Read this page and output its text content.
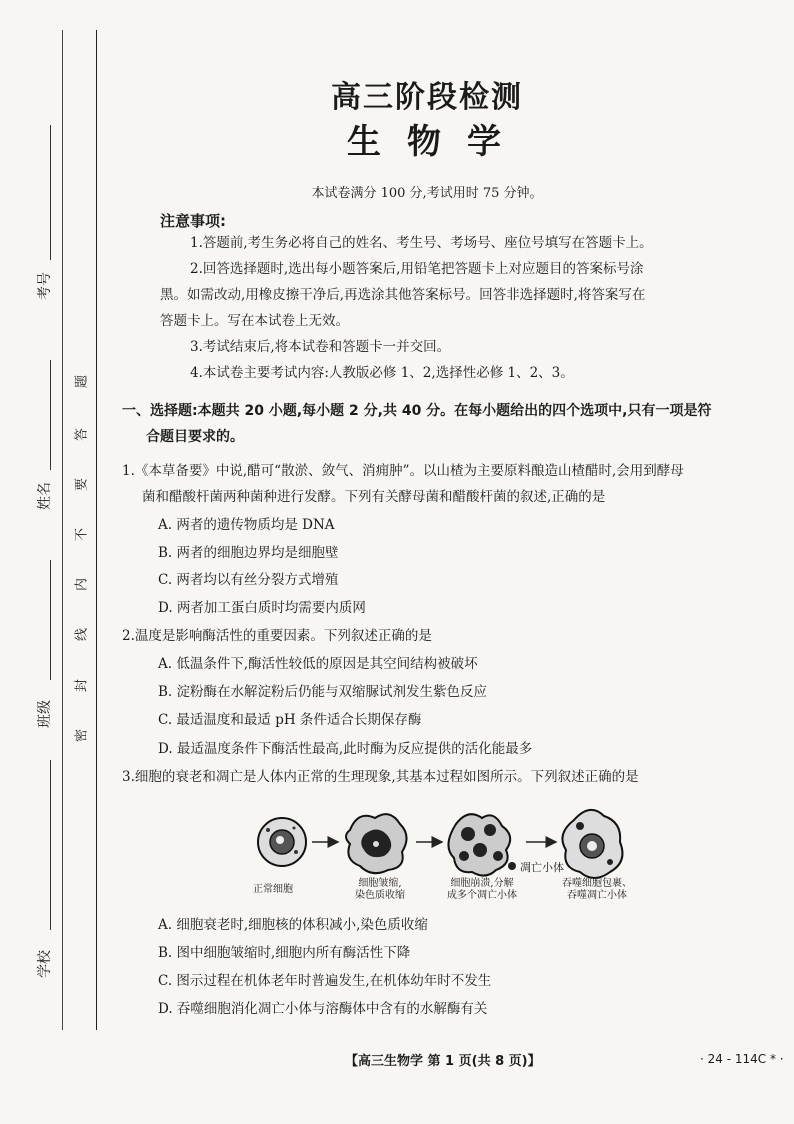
考号
姓名
班级
学校
题
答
要
不
内
线
封
密
高三阶段检测
生物学
本试卷满分 100 分,考试用时 75 分钟。
注意事项:
1.答题前,考生务必将自己的姓名、考生号、考场号、座位号填写在答题卡上。
2.回答选择题时,选出每小题答案后,用铅笔把答题卡上对应题目的答案标号涂
黑。如需改动,用橡皮擦干净后,再选涂其他答案标号。回答非选择题时,将答案写在
答题卡上。写在本试卷上无效。
3.考试结束后,将本试卷和答题卡一并交回。
4.本试卷主要考试内容:人教版必修 1、2,选择性必修 1、2、3。
一、选择题:本题共 20 小题,每小题 2 分,共 40 分。在每小题给出的四个选项中,只有一项是符
合题目要求的。
1.《本草备要》中说,醋可“散淤、敛气、消痈肿”。以山楂为主要原料酿造山楂醋时,会用到酵母
菌和醋酸杆菌两种菌种进行发酵。下列有关酵母菌和醋酸杆菌的叙述,正确的是
A. 两者的遗传物质均是 DNA
B. 两者的细胞边界均是细胞壁
C. 两者均以有丝分裂方式增殖
D. 两者加工蛋白质时均需要内质网
2.温度是影响酶活性的重要因素。下列叙述正确的是
A. 低温条件下,酶活性较低的原因是其空间结构被破坏
B. 淀粉酶在水解淀粉后仍能与双缩脲试剂发生紫色反应
C. 最适温度和最适 pH 条件适合长期保存酶
D. 最适温度条件下酶活性最高,此时酶为反应提供的活化能最多
3.细胞的衰老和凋亡是人体内正常的生理现象,其基本过程如图所示。下列叙述正确的是
凋亡小体
正常细胞
细胞皱缩,
染色质收缩
细胞崩溃,分解
成多个凋亡小体
吞噬细胞包裹、
吞噬凋亡小体
A. 细胞衰老时,细胞核的体积减小,染色质收缩
B. 图中细胞皱缩时,细胞内所有酶活性下降
C. 图示过程在机体老年时普遍发生,在机体幼年时不发生
D. 吞噬细胞消化凋亡小体与溶酶体中含有的水解酶有关
【高三生物学 第 1 页(共 8 页)】	· 24 - 114C * ·
